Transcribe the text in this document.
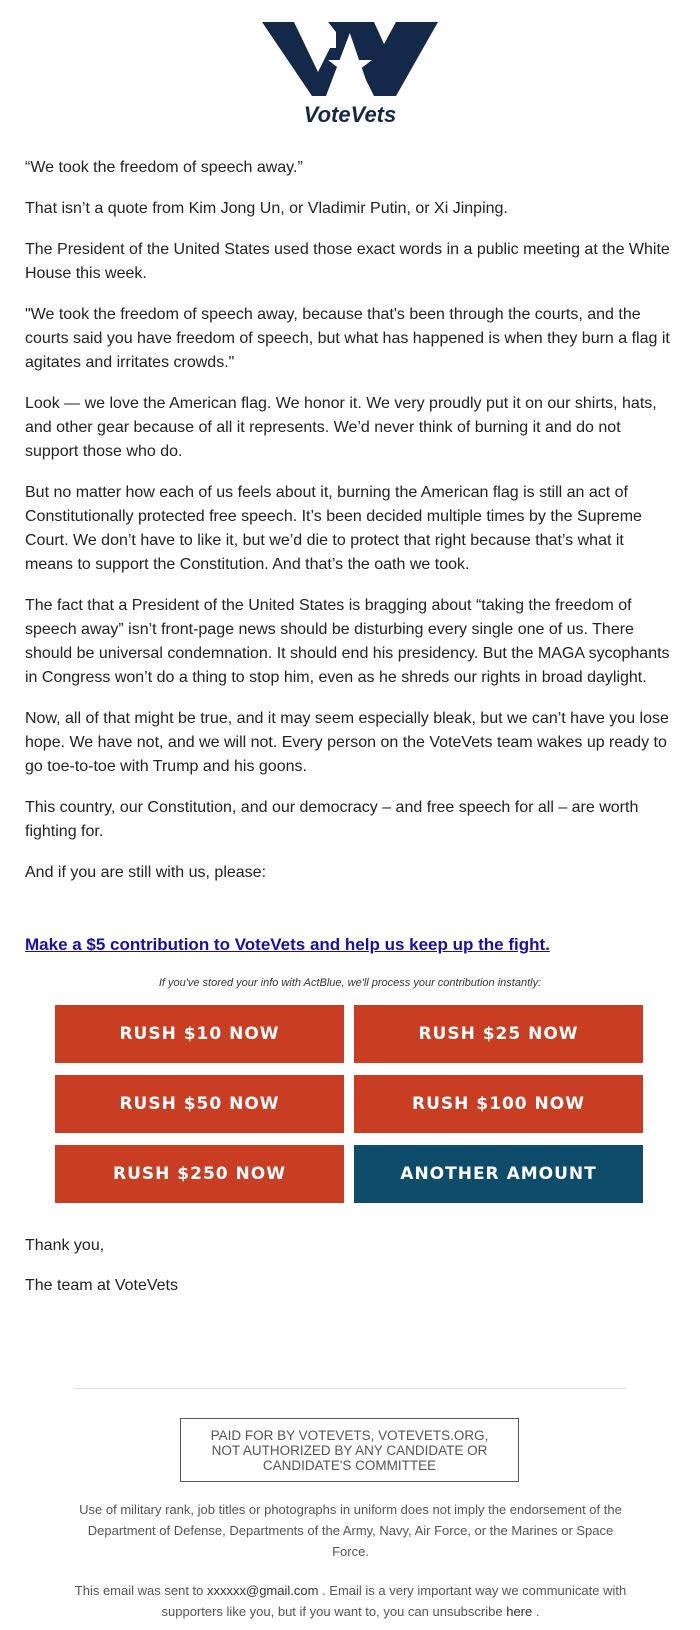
VoteVets

“We took the freedom of speech away.”

That isn’t a quote from Kim Jong Un, or Vladimir Putin, or Xi Jinping.

The President of the United States used those exact words in a public meeting at the White House this week.

"We took the freedom of speech away, because that's been through the courts, and the courts said you have freedom of speech, but what has happened is when they burn a flag it agitates and irritates crowds."

Look — we love the American flag. We honor it. We very proudly put it on our shirts, hats, and other gear because of all it represents. We’d never think of burning it and do not support those who do.

But no matter how each of us feels about it, burning the American flag is still an act of Constitutionally protected free speech. It’s been decided multiple times by the Supreme Court. We don’t have to like it, but we’d die to protect that right because that’s what it means to support the Constitution. And that’s the oath we took.

The fact that a President of the United States is bragging about “taking the freedom of speech away” isn’t front-page news should be disturbing every single one of us. There should be universal condemnation. It should end his presidency. But the MAGA sycophants in Congress won’t do a thing to stop him, even as he shreds our rights in broad daylight.

Now, all of that might be true, and it may seem especially bleak, but we can’t have you lose hope. We have not, and we will not. Every person on the VoteVets team wakes up ready to go toe-to-toe with Trump and his goons.

This country, our Constitution, and our democracy – and free speech for all – are worth fighting for.

And if you are still with us, please:

Make a $5 contribution to VoteVets and help us keep up the fight.
If you've stored your info with ActBlue, we'll process your contribution instantly:
RUSH $10 NOW	RUSH $25 NOW
RUSH $50 NOW	RUSH $100 NOW
RUSH $250 NOW	ANOTHER AMOUNT

Thank you,

The team at VoteVets

PAID FOR BY VOTEVETS, VOTEVETS.ORG, NOT AUTHORIZED BY ANY CANDIDATE OR CANDIDATE'S COMMITTEE
Use of military rank, job titles or photographs in uniform does not imply the endorsement of the Department of Defense, Departments of the Army, Navy, Air Force, or the Marines or Space Force.
This email was sent to xxxxxx@gmail.com . Email is a very important way we communicate with supporters like you, but if you want to, you can unsubscribe here .
